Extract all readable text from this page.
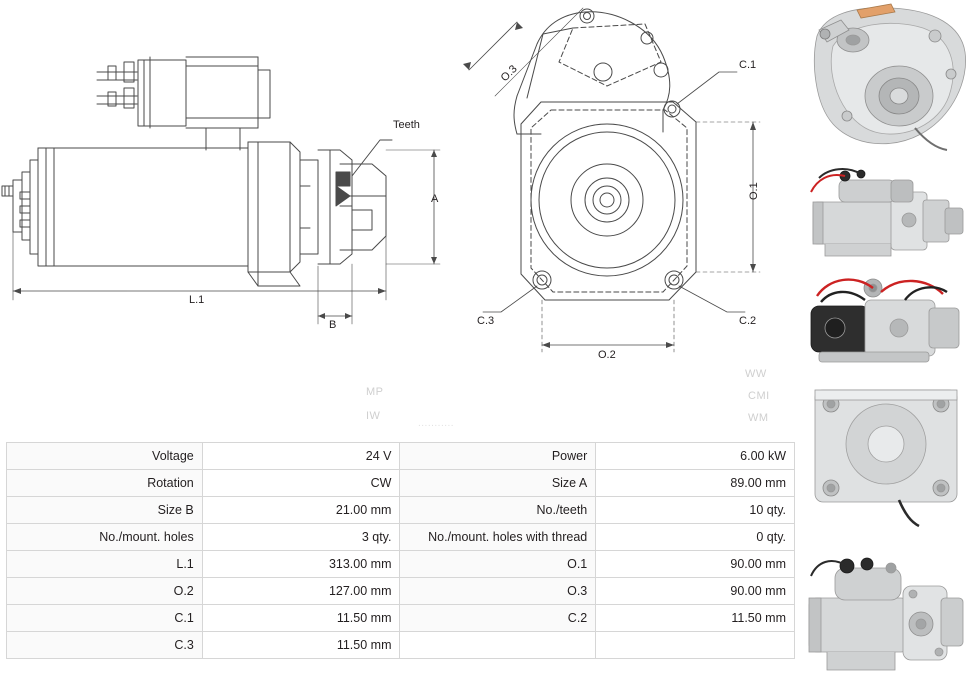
Teeth
A
B
L.1
O.3
O.1
O.2
C.1
C.2
C.3
MP
IW
WW
CMI
WM
...........
Voltage	24 V	Power	6.00 kW
Rotation	CW	Size A	89.00 mm
Size B	21.00 mm	No./teeth	10 qty.
No./mount. holes	3 qty.	No./mount. holes with thread	0 qty.
L.1	313.00 mm	O.1	90.00 mm
O.2	127.00 mm	O.3	90.00 mm
C.1	11.50 mm	C.2	11.50 mm
C.3	11.50 mm		
